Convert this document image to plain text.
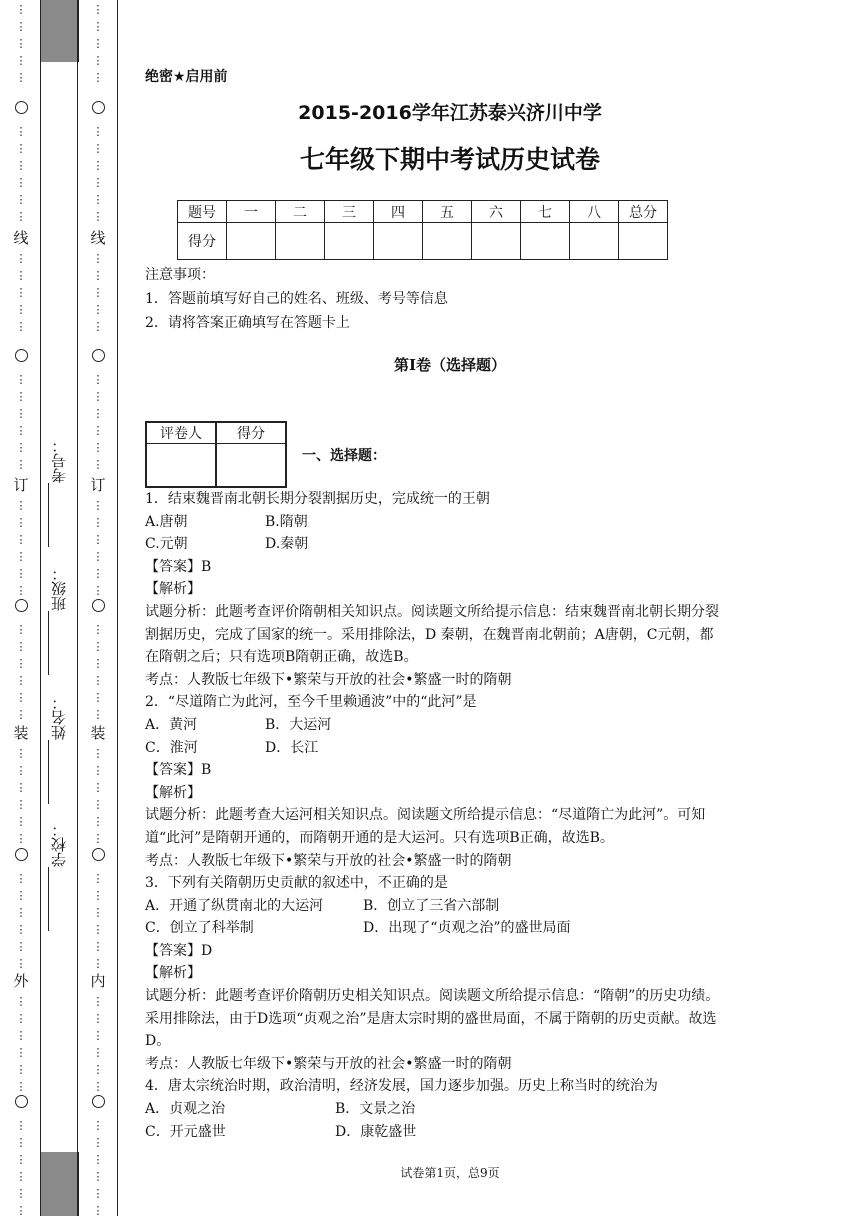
⋮
⋮
⋮
⋮
⋮
⋮
⋮
⋮
⋮
⋮
⋮
线
⋮
⋮
⋮
⋮
⋮
⋮
⋮
⋮
⋮
⋮
⋮
订
⋮
⋮
⋮
⋮
⋮
⋮
⋮
⋮
⋮
⋮
⋮
⋮
装
⋮
⋮
⋮
⋮
⋮
⋮
⋮
⋮
⋮
⋮
⋮
⋮
外
⋮
⋮
⋮
⋮
⋮
⋮
⋮
⋮
⋮
⋮
⋮
⋮
⋮
⋮
⋮
⋮
⋮
⋮
⋮
⋮
⋮
⋮
⋮
线
⋮
⋮
⋮
⋮
⋮
⋮
⋮
⋮
⋮
⋮
⋮
订
⋮
⋮
⋮
⋮
⋮
⋮
⋮
⋮
⋮
⋮
⋮
⋮
装
⋮
⋮
⋮
⋮
⋮
⋮
⋮
⋮
⋮
⋮
⋮
⋮
内
⋮
⋮
⋮
⋮
⋮
⋮
⋮
⋮
⋮
⋮
⋮
⋮
考号：
班级：
姓名：
学校：
绝密★启用前
2015-2016学年江苏泰兴济川中学
七年级下期中考试历史试卷
题号	一	二	三	四	五	六	七	八	总分
得分									
注意事项：
1．答题前填写好自己的姓名、班级、考号等信息
2．请将答案正确填写在答题卡上
第I卷（选择题）
评卷人	得分

一、选择题：

1．结束魏晋南北朝长期分裂割据历史，完成统一的王朝

A.唐朝	B.隋朝

C.元朝	D.秦朝

【答案】B

【解析】

试题分析：此题考查评价隋朝相关知识点。阅读题文所给提示信息：结束魏晋南北朝长期分裂割据历史，完成了国家的统一。采用排除法，D 秦朝，在魏晋南北朝前；A唐朝，C元朝，都 在隋朝之后；只有选项B隋朝正确，故选B。

考点：人教版七年级下•繁荣与开放的社会•繁盛一时的隋朝

2．“尽道隋亡为此河，至今千里赖通波”中的“此河”是

A．黄河	B．大运河

C．淮河	D．长江

【答案】B

【解析】

试题分析：此题考查大运河相关知识点。阅读题文所给提示信息：“尽道隋亡为此河”。可知道“此河”是隋朝开通的，而隋朝开通的是大运河。只有选项B正确，故选B。

考点：人教版七年级下•繁荣与开放的社会•繁盛一时的隋朝

3．下列有关隋朝历史贡献的叙述中，不正确的是

A．开通了纵贯南北的大运河	B．创立了三省六部制

C．创立了科举制	D．出现了“贞观之治”的盛世局面

【答案】D

【解析】

试题分析：此题考查评价隋朝历史相关知识点。阅读题文所给提示信息：“隋朝”的历史功绩。采用排除法，由于D选项“贞观之治”是唐太宗时期的盛世局面，不属于隋朝的历史贡献。故选D。

考点：人教版七年级下•繁荣与开放的社会•繁盛一时的隋朝

4．唐太宗统治时期，政治清明，经济发展，国力逐步加强。历史上称当时的统治为

A．贞观之治	B．文景之治

C．开元盛世	D．康乾盛世

试卷第1页，总9页
